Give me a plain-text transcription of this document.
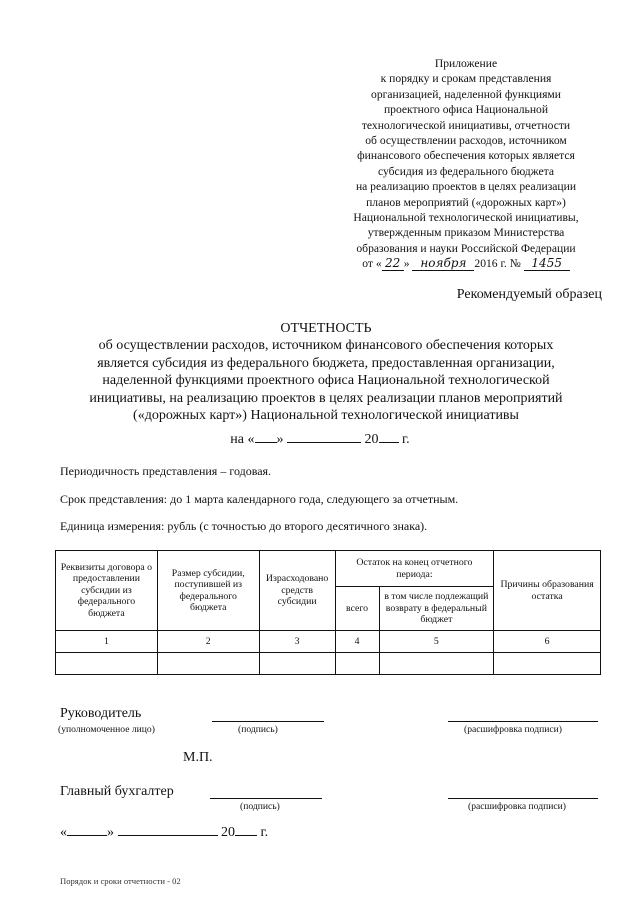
Приложение
к порядку и срокам представления
организацией, наделенной функциями
проектного офиса Национальной
технологической инициативы, отчетности
об осуществлении расходов, источником
финансового обеспечения которых является
субсидия из федерального бюджета
на реализацию проектов в целях реализации
планов мероприятий («дорожных карт»)
Национальной технологической инициативы,
утвержденным приказом Министерства
образования и науки Российской Федерации
от « 22 » ноября 2016 г. № 1455
Рекомендуемый образец
ОТЧЕТНОСТЬ
об осуществлении расходов, источником финансового обеспечения которых
является субсидия из федерального бюджета, предоставленная организации,
наделенной функциями проектного офиса Национальной технологической
инициативы, на реализацию проектов в целях реализации планов мероприятий
(«дорожных карт») Национальной технологической инициативы
на « »	20 г.
Периодичность представления – годовая.
Срок представления: до 1 марта календарного года, следующего за отчетным.
Единица измерения: рубль (с точностью до второго десятичного знака).
Реквизиты договора о предоставлении субсидии из федерального бюджета	Размер субсидии, поступившей из федерального бюджета	Израсходовано средств субсидии	Остаток на конец отчетного периода:		Причины образования остатка
			всего	в том числе подлежащий возврату в федеральный бюджет	
1	2	3	4	5	6

Руководитель
(уполномоченное лицо)	(подпись)	(расшифровка подписи)
М.П.
Главный бухгалтер
(подпись)	(расшифровка подписи)
«	»	20 г.
Порядок и сроки отчетности - 02
